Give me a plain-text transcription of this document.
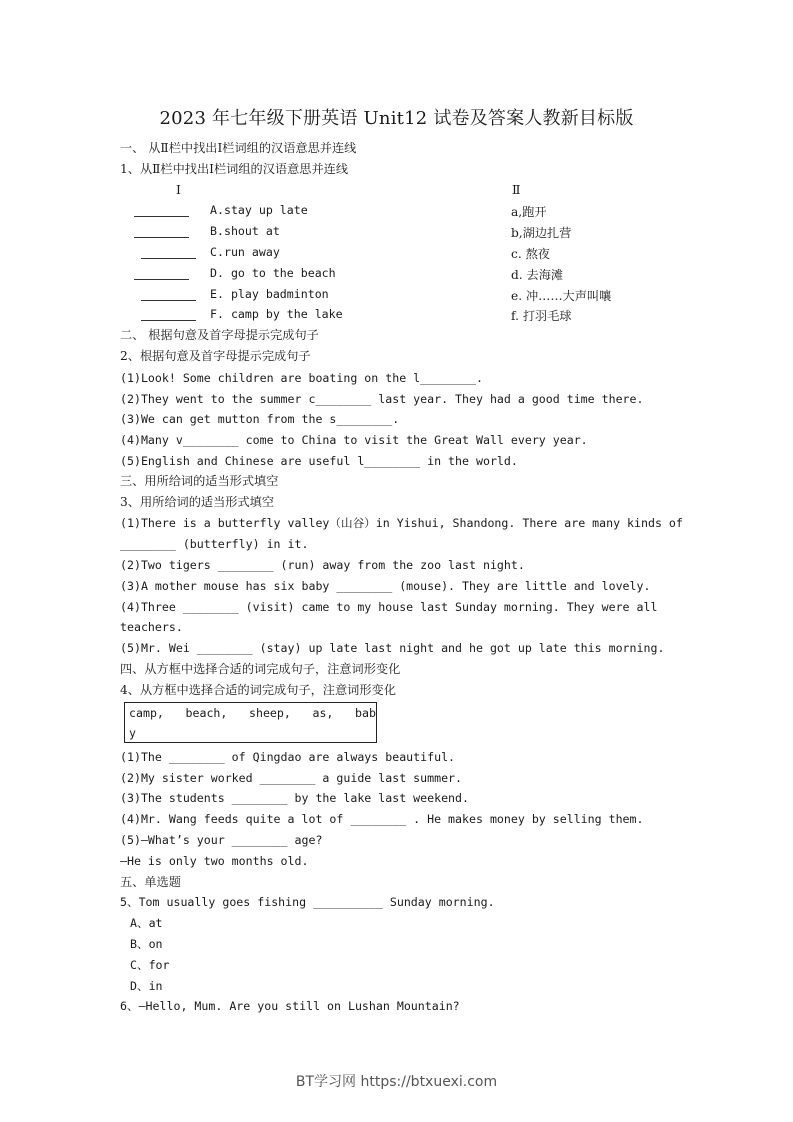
2023 年七年级下册英语 Unit12 试卷及答案人教新目标版
一、 从Ⅱ栏中找出Ⅰ栏词组的汉语意思并连线
1、从Ⅱ栏中找出Ⅰ栏词组的汉语意思并连线
Ⅰ	Ⅱ
A.stay up late
B.shout at
C.run away
D. go to the beach
E. play badminton
F. camp by the lake
a,跑开
b,湖边扎营
c. 熬夜
d. 去海滩
e. 冲……大声叫嚷
f. 打羽毛球
二、 根据句意及首字母提示完成句子
2、根据句意及首字母提示完成句子
(1)Look! Some children are boating on the l________.
(2)They went to the summer c________ last year. They had a good time there.
(3)We can get mutton from the s________.
(4)Many v________ come to China to visit the Great Wall every year.
(5)English and Chinese are useful l________ in the world.
三、用所给词的适当形式填空
3、用所给词的适当形式填空
(1)There is a butterfly valley（山谷）in Yishui, Shandong. There are many kinds of
________ (butterfly) in it.
(2)Two tigers ________ (run) away from the zoo last night.
(3)A mother mouse has six baby ________ (mouse). They are little and lovely.
(4)Three ________ (visit) came to my house last Sunday morning. They were all
teachers.
(5)Mr. Wei ________ (stay) up late last night and he got up late this morning.
四、从方框中选择合适的词完成句子，注意词形变化
4、从方框中选择合适的词完成句子，注意词形变化
camp, beach, sheep, as, bab
y
(1)The ________ of Qingdao are always beautiful.
(2)My sister worked ________ a guide last summer.
(3)The students ________ by the lake last weekend.
(4)Mr. Wang feeds quite a lot of ________ . He makes money by selling them.
(5)—What’s your ________ age?
—He is only two months old.
五、单选题
5、Tom usually goes fishing __________ Sunday morning.
A、at
B、on
C、for
D、in
6、—Hello, Mum. Are you still on Lushan Mountain?
BT学习网 https://btxuexi.com
